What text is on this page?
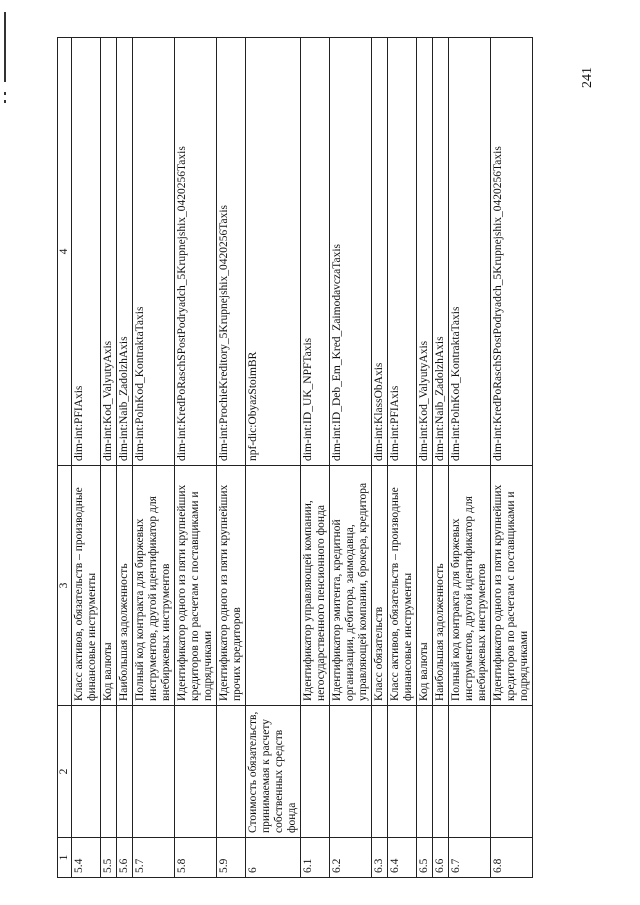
1	2	3	4
5.4		Класс активов, обязательств – производные финансовые инструменты	dim-int:PFIAxis
5.5		Код валюты	dim-int:Kod_ValyutyAxis
5.6		Наибольшая задолженность	dim-int:Naib_ZadolzhAxis
5.7		Полный код контракта для биржевых инструментов, другой идентификатор для внебиржевых инструментов	dim-int:PolnKod_KontraktaTaxis
5.8		Идентификатор одного из пяти крупнейших кредиторов по расчетам с поставщиками и подрядчиками	dim-int:KredPoRaschSPostPodryadch_5Krupnejshix_0420256Taxis
5.9		Идентификатор одного из пяти крупнейших прочих кредиторов	dim-int:ProchieKreditory_5Krupnejshix_0420256Taxis
6	Стоимость обязательств, принимаемая к расчету собственных средств фонда		npf-dic:ObyazStoimBR
6.1		Идентификатор управляющей компании, негосударственного пенсионного фонда	dim-int:ID_UK_NPFTaxis
6.2		Идентификатор эмитента, кредитной организации, дебитора, заимодавца, управляющей компании, брокера, кредитора	dim-int:ID_Deb_Em_Kred_ZaimodavczaTaxis
6.3		Класс обязательств	dim-int:KlassObAxis
6.4		Класс активов, обязательств – производные финансовые инструменты	dim-int:PFIAxis
6.5		Код валюты	dim-int:Kod_ValyutyAxis
6.6		Наибольшая задолженность	dim-int:Naib_ZadolzhAxis
6.7		Полный код контракта для биржевых инструментов, другой идентификатор для внебиржевых инструментов	dim-int:PolnKod_KontraktaTaxis
6.8		Идентификатор одного из пяти крупнейших кредиторов по расчетам с поставщиками и подрядчиками	dim-int:KredPoRaschSPostPodryadch_5Krupnejshix_0420256Taxis
241
